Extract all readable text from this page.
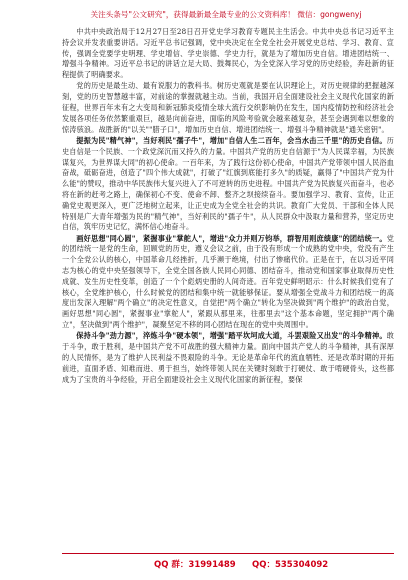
关注头条号"公文研究"，获得最新最全最专业的公文资料库！ 微信：gongwenyj

中共中央政治局于12月27日至28日召开党史学习教育专题民主生活会。中共中央总书记习近平主持会议并发表重要讲话。习近平总书记强调，党中央决定在全党全社会开展党史总结、学习、教育、宣传，强调全党要学史明理、学史增信、学史崇德、学史力行，就是为了增加历史自信。增进团结统一、增强斗争精神。习近平总书记的讲话立足大局、鼓舞民心，为全党深入学习党的历史经验，奔赴新的征程提供了明确要求。

党的历史是最生动、最有说服力的教科书。树历史观就是要在认识理论上，对历史规律的把握越深刻，党的历史智慧越丰富，对前途的掌握就越主动。当前，我国开启全面建设社会主义现代化国家的新征程，世界百年未有之大变局和新冠肺炎疫情全球大流行交织影响仍在发生，国内疫情防控和经济社会发展各项任务依然繁重艰巨，越是向前奋进，面临的风险考验就会越来越复杂，甚至会遇到难以想象的惊涛骇浪。战胜新的"以关""腊子口"，增加历史自信、增进团结统一、增强斗争精神就是"通关密钥"。

提振为民"精气神"，当好利民"孺子牛"，增加"自信人生二百年，会当水击三千里"的历史自信。历史自信是一个民族、一个政党深沉而又持久的力量。中国共产党的历史自信源于"为人民谋幸福，为民族谋复兴，为世界谋大同"的初心使命。一百年来，为了践行这份初心使命，中国共产党带领中国人民浴血奋战，砥砺奋进，创造了"四个伟大成就"，打破了"红旗到底能打多久"的质疑，赢得了"中国共产党为什么能"的赞叹，推动中华民族伟大复兴进入了不可逆转的历史进程。中国共产党为民族复兴而奋斗，也必将在新的赶考之路上，确保初心不变、使命不卸、整齐之坝接续奋斗。要加强学习、教育、宣传，让正确党史观更深入，更广泛地树立起来，让正史成为全党全社会的共识。教育广大党员、干部和全体人民特别是广大青年增强为民的"精气神"，当好利民的"孺子牛"，从人民群众中汲取力量和营养，坚定历史自信，筑牢历史记忆，满怀信心地奋斗。

画好思想"同心圆"，紧握事业"掌舵人"，增进"众力并则万钧举，群智用则庶绩康"的团结统一。党的团结统一是党的生命，回顾党的历史，遵义会议之前，由于没有形成一个成熟的党中央，党没有产生一个全党公认的核心，中国革命几经挫折，几乎濒于绝境，付出了惨痛代价。正是在于，在以习近平同志为核心的党中央坚强领导下，全党全国各族人民同心同德、团结奋斗，推动党和国家事业取得历史性成就、发生历史性变革，创造了一个个彪炳史册的人间奇迹。百年党史鲜明昭示：什么时候我们党有了核心，全党维护核心，什么时候党的团结和集中统一就能够保证。要从增强全党战斗力和团结统一的高度出发深入理解"两个确立"的决定性意义，自觉把"两个确立"转化为坚决做到"两个维护"的政治自觉，画好思想"同心圆"，紧握事业"掌舵人"，紧跟从那里来，往那里去"这个基本命题，坚定拥护"两个确立"，坚决做到"两个维护"，凝聚坚定不移的同心团结在现在的党中央周围中。

保持斗争"劲力源"，淬炼斗争"硬本领"，增强"踏平坎坷成大道，斗罢艰险又出发"的斗争精神。敢于斗争，敢于胜利，是中国共产党不可战胜的强大精神力量。面向中国共产党人的斗争精神，具有深厚的人民情怀，是为了维护人民利益不畏艰险的斗争。无论是革命年代的流血牺牲、还是改革时期的开拓前进，直面矛盾、知难而进、勇于担当，始终带领人民在关键时刻敢于打硬仗、敢于啃硬骨头，这些都成为了宝贵的斗争经验，开启全面建设社会主义现代化国家的新征程，要保

QQ 群：31991489 QQ：535304092
